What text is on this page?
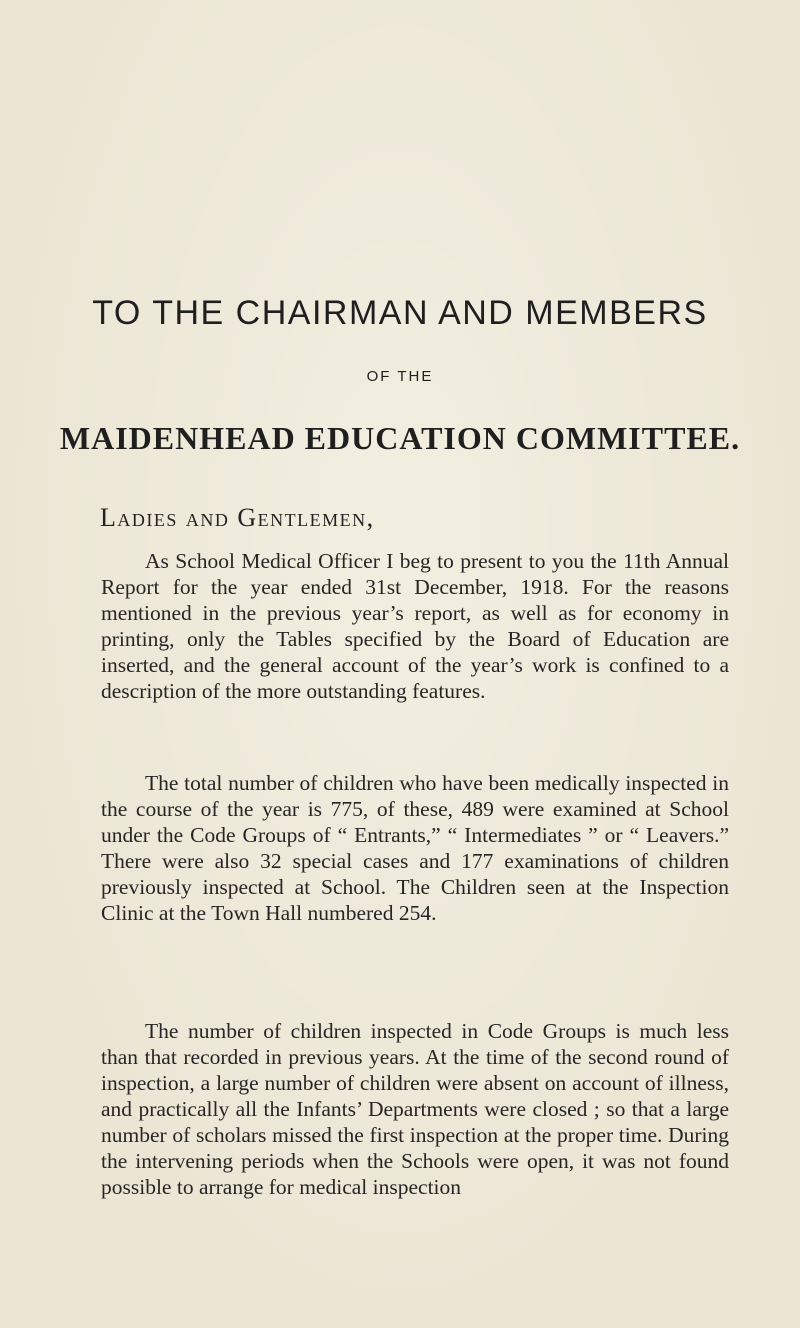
TO THE CHAIRMAN AND MEMBERS
OF THE
MAIDENHEAD EDUCATION COMMITTEE.
Ladies and Gentlemen,

As School Medical Officer I beg to present to you the 11th Annual Report for the year ended 31st December, 1918. For the reasons mentioned in the previous year’s report, as well as for economy in printing, only the Tables specified by the Board of Education are inserted, and the general account of the year’s work is confined to a description of the more outstanding features.

The total number of children who have been medically inspected in the course of the year is 775, of these, 489 were examined at School under the Code Groups of “ Entrants,” “ Intermediates ” or “ Leavers.” There were also 32 special cases and 177 examinations of children previously inspected at School. The Children seen at the Inspection Clinic at the Town Hall numbered 254.

The number of children inspected in Code Groups is much less than that recorded in previous years. At the time of the second round of inspection, a large number of children were absent on account of illness, and practically all the Infants’ Departments were closed ; so that a large number of scholars missed the first inspection at the proper time. During the intervening periods when the Schools were open, it was not found possible to arrange for medical inspection
